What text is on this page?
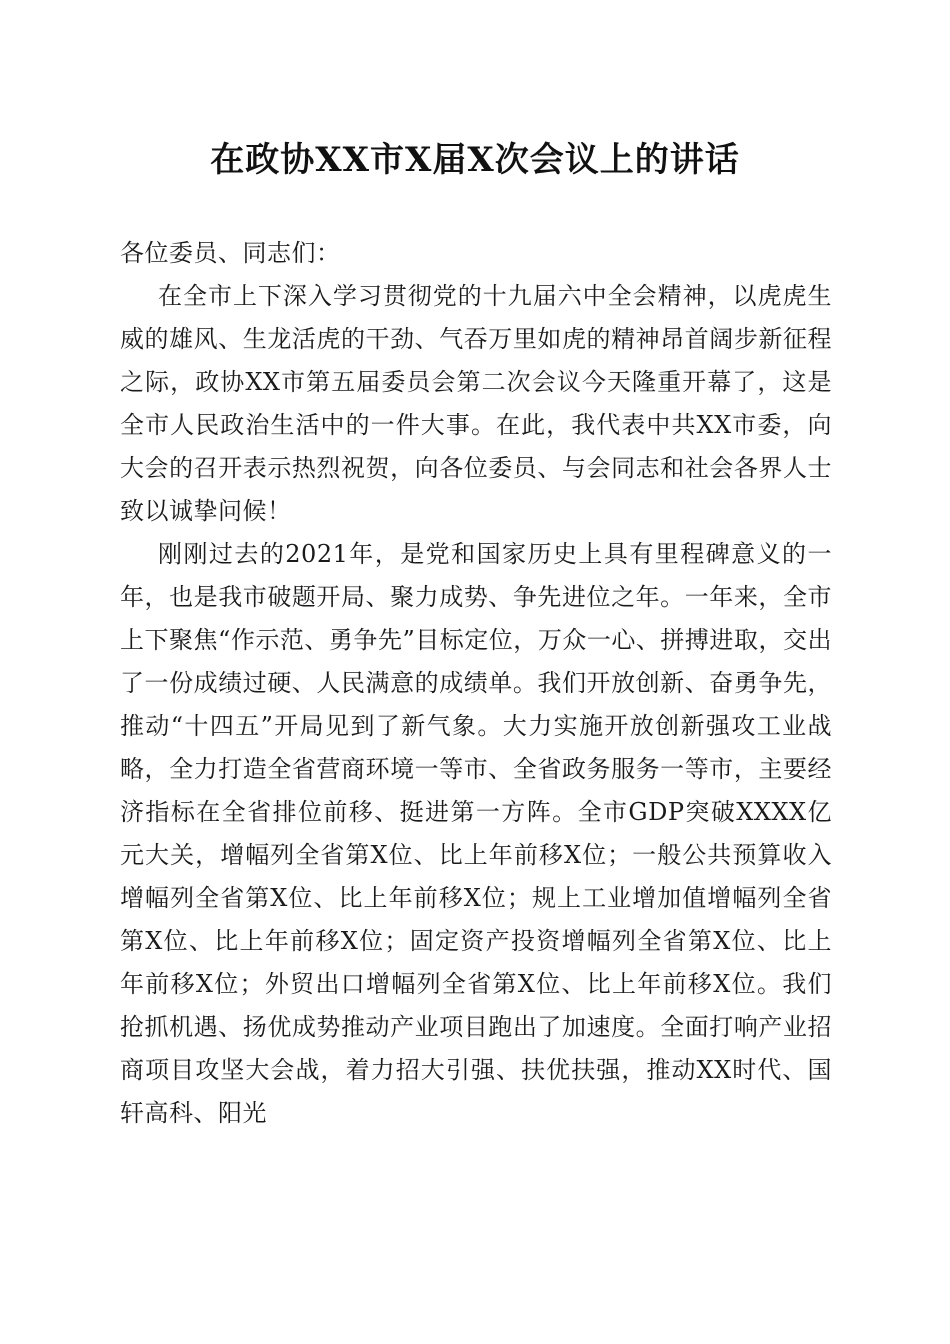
在政协XX市X届X次会议上的讲话

各位委员、同志们：

在全市上下深入学习贯彻党的十九届六中全会精神，以虎虎生威的雄风、生龙活虎的干劲、气吞万里如虎的精神昂首阔步新征程之际，政协XX市第五届委员会第二次会议今天隆重开幕了，这是全市人民政治生活中的一件大事。在此，我代表中共XX市委，向大会的召开表示热烈祝贺，向各位委员、与会同志和社会各界人士致以诚挚问候！

刚刚过去的2021年，是党和国家历史上具有里程碑意义的一年，也是我市破题开局、聚力成势、争先进位之年。一年来，全市上下聚焦“作示范、勇争先”目标定位，万众一心、拼搏进取，交出了一份成绩过硬、人民满意的成绩单。我们开放创新、奋勇争先，推动“十四五”开局见到了新气象。大力实施开放创新强攻工业战略，全力打造全省营商环境一等市、全省政务服务一等市，主要经济指标在全省排位前移、挺进第一方阵。全市GDP突破XXXX亿元大关，增幅列全省第X位、比上年前移X位；一般公共预算收入增幅列全省第X位、比上年前移X位；规上工业增加值增幅列全省第X位、比上年前移X位；固定资产投资增幅列全省第X位、比上年前移X位；外贸出口增幅列全省第X位、比上年前移X位。我们抢抓机遇、扬优成势推动产业项目跑出了加速度。全面打响产业招商项目攻坚大会战，着力招大引强、扶优扶强，推动XX时代、国轩高科、阳光
